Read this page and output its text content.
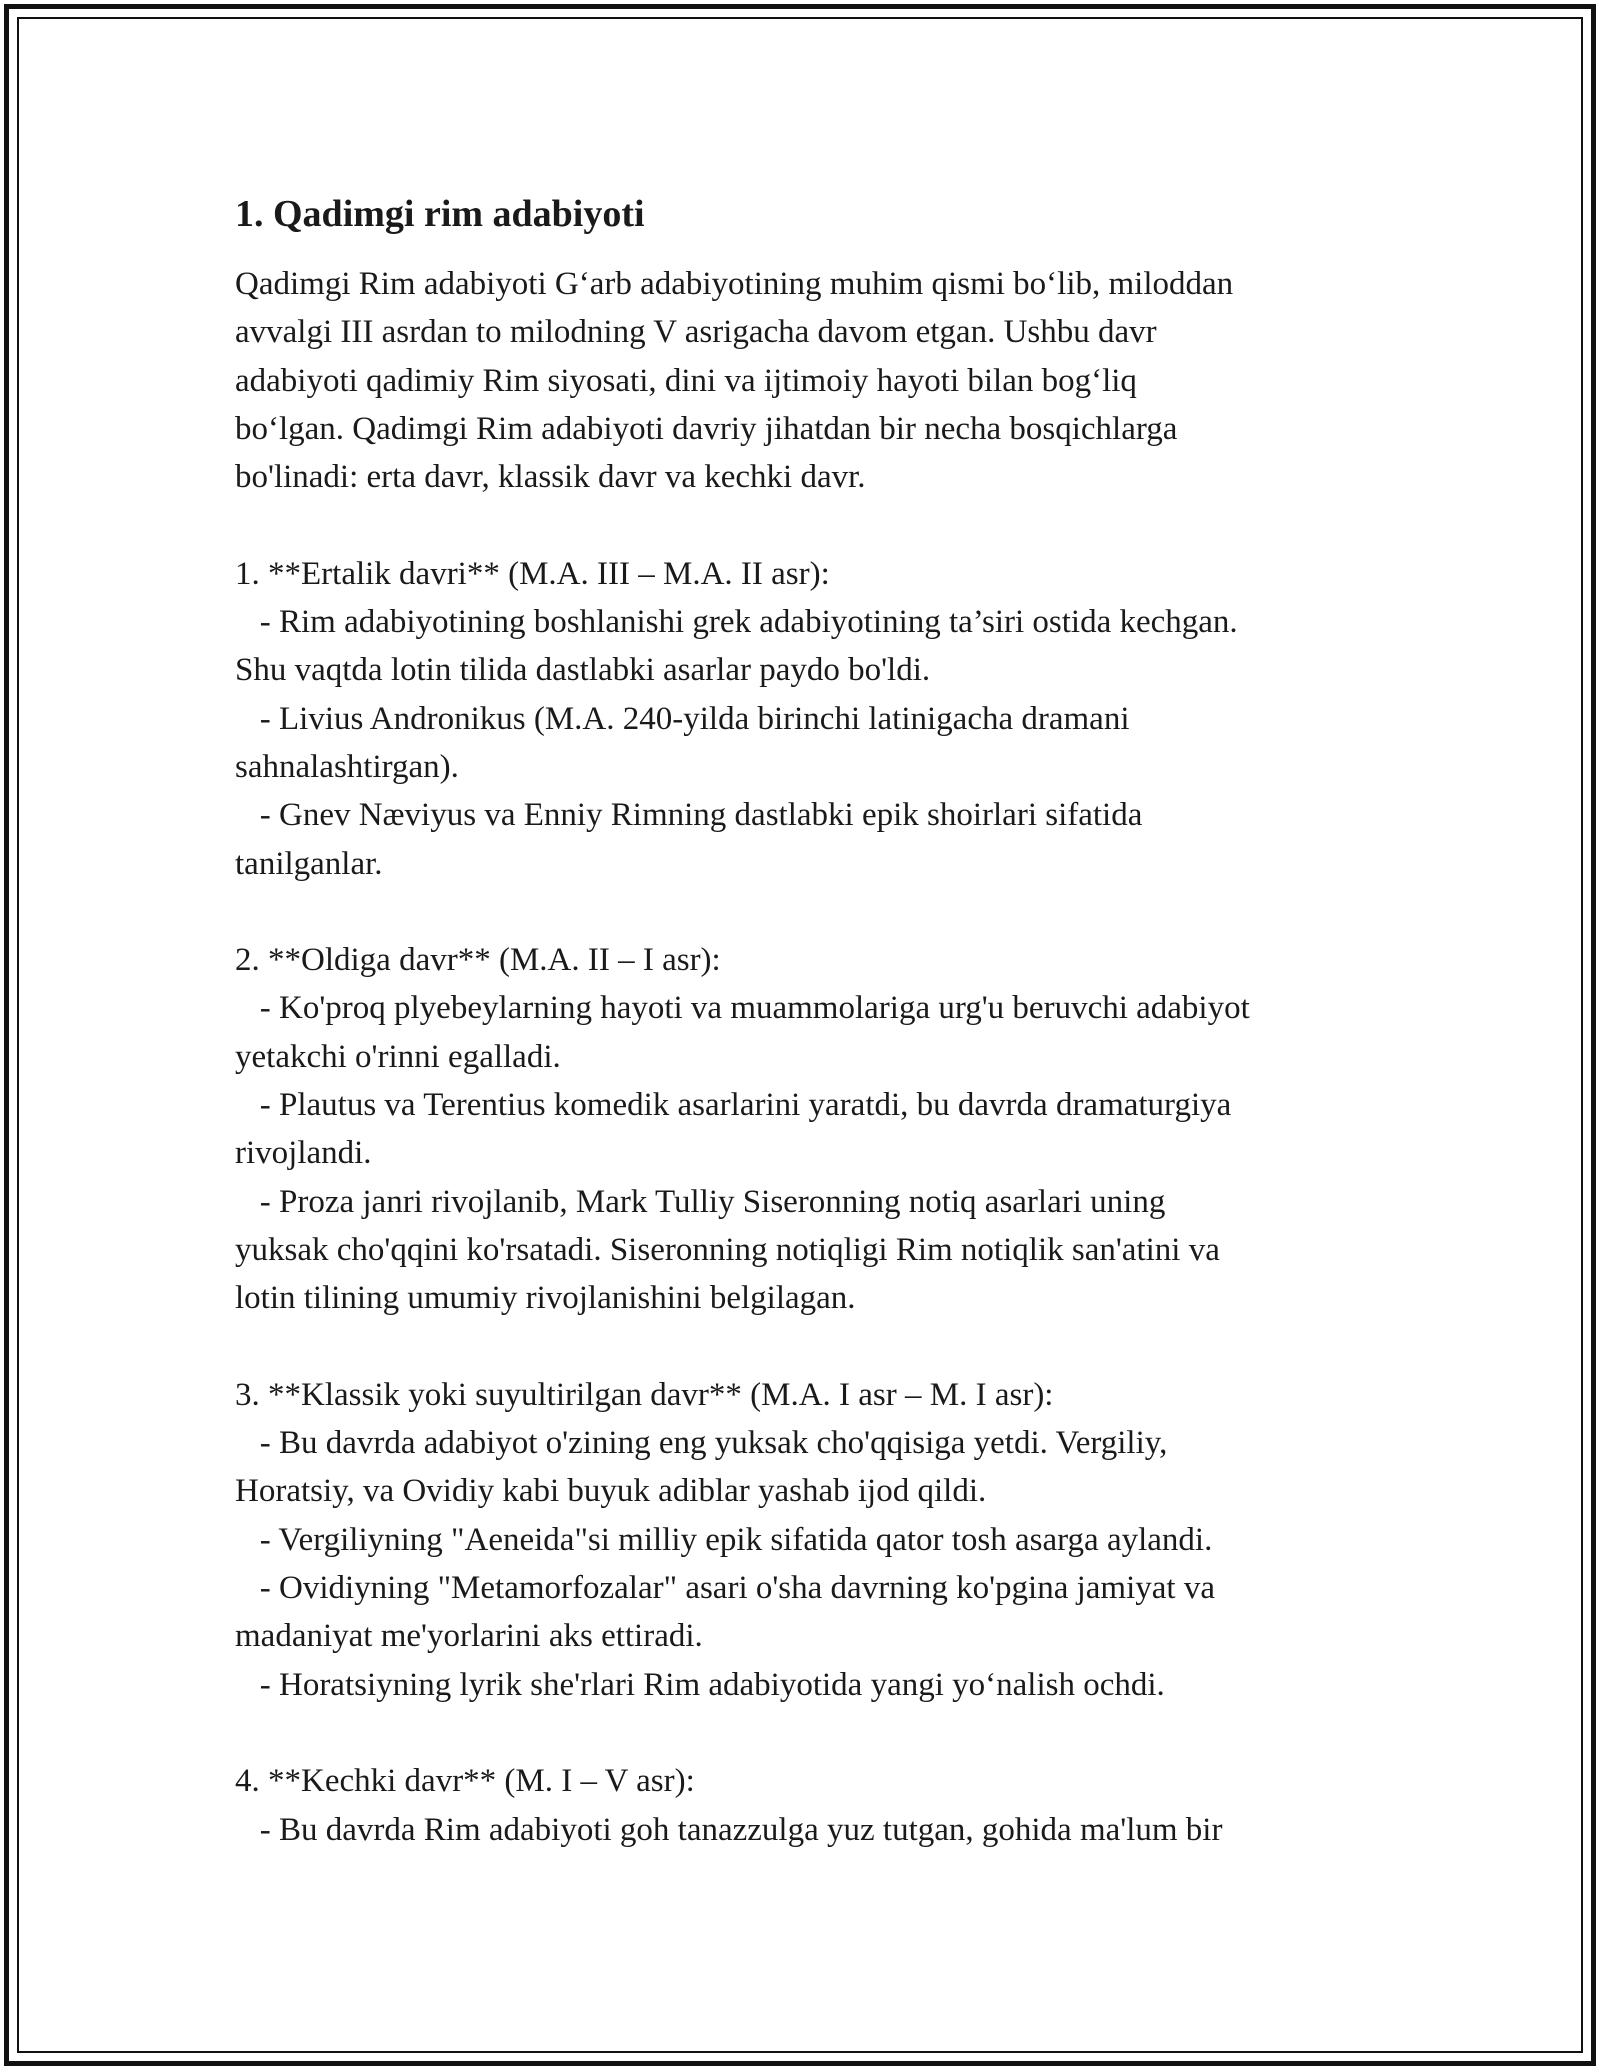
1. Qadimgi rim adabiyoti

Qadimgi Rim adabiyoti G‘arb adabiyotining muhim qismi bo‘lib, miloddan
avvalgi III asrdan to milodning V asrigacha davom etgan. Ushbu davr
adabiyoti qadimiy Rim siyosati, dini va ijtimoiy hayoti bilan bog‘liq
bo‘lgan. Qadimgi Rim adabiyoti davriy jihatdan bir necha bosqichlarga
bo'linadi: erta davr, klassik davr va kechki davr.

1. **Ertalik davri** (M.A. III – M.A. II asr):
- Rim adabiyotining boshlanishi grek adabiyotining ta’siri ostida kechgan.
Shu vaqtda lotin tilida dastlabki asarlar paydo bo'ldi.
- Livius Andronikus (M.A. 240-yilda birinchi latinigacha dramani
sahnalashtirgan).
- Gnev Næviyus va Enniy Rimning dastlabki epik shoirlari sifatida
tanilganlar.

2. **Oldiga davr** (M.A. II – I asr):
- Ko'proq plyebeylarning hayoti va muammolariga urg'u beruvchi adabiyot
yetakchi o'rinni egalladi.
- Plautus va Terentius komedik asarlarini yaratdi, bu davrda dramaturgiya
rivojlandi.
- Proza janri rivojlanib, Mark Tulliy Siseronning notiq asarlari uning
yuksak cho'qqini ko'rsatadi. Siseronning notiqligi Rim notiqlik san'atini va
lotin tilining umumiy rivojlanishini belgilagan.

3. **Klassik yoki suyultirilgan davr** (M.A. I asr – M. I asr):
- Bu davrda adabiyot o'zining eng yuksak cho'qqisiga yetdi. Vergiliy,
Horatsiy, va Ovidiy kabi buyuk adiblar yashab ijod qildi.
- Vergiliyning "Aeneida"si milliy epik sifatida qator tosh asarga aylandi.
- Ovidiyning "Metamorfozalar" asari o'sha davrning ko'pgina jamiyat va
madaniyat me'yorlarini aks ettiradi.
- Horatsiyning lyrik she'rlari Rim adabiyotida yangi yo‘nalish ochdi.

4. **Kechki davr** (M. I – V asr):
- Bu davrda Rim adabiyoti goh tanazzulga yuz tutgan, gohida ma'lum bir
